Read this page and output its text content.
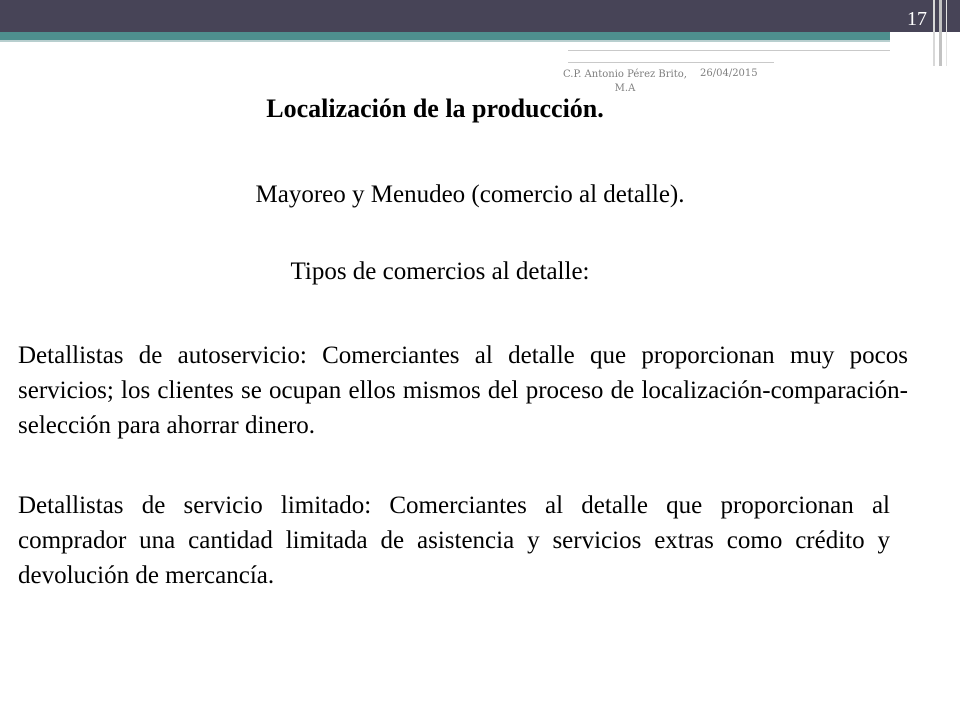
17
C.P. Antonio Pérez Brito, M.A
26/04/2015
Localización de la producción.
Mayoreo y Menudeo (comercio al detalle).
Tipos de comercios al detalle:
Detallistas de autoservicio: Comerciantes al detalle que proporcionan muy pocos servicios; los clientes se ocupan ellos mismos del proceso de localización-comparación-selección para ahorrar dinero.
Detallistas de servicio limitado: Comerciantes al detalle que proporcionan al comprador una cantidad limitada de asistencia y servicios extras como crédito y devolución de mercancía.
